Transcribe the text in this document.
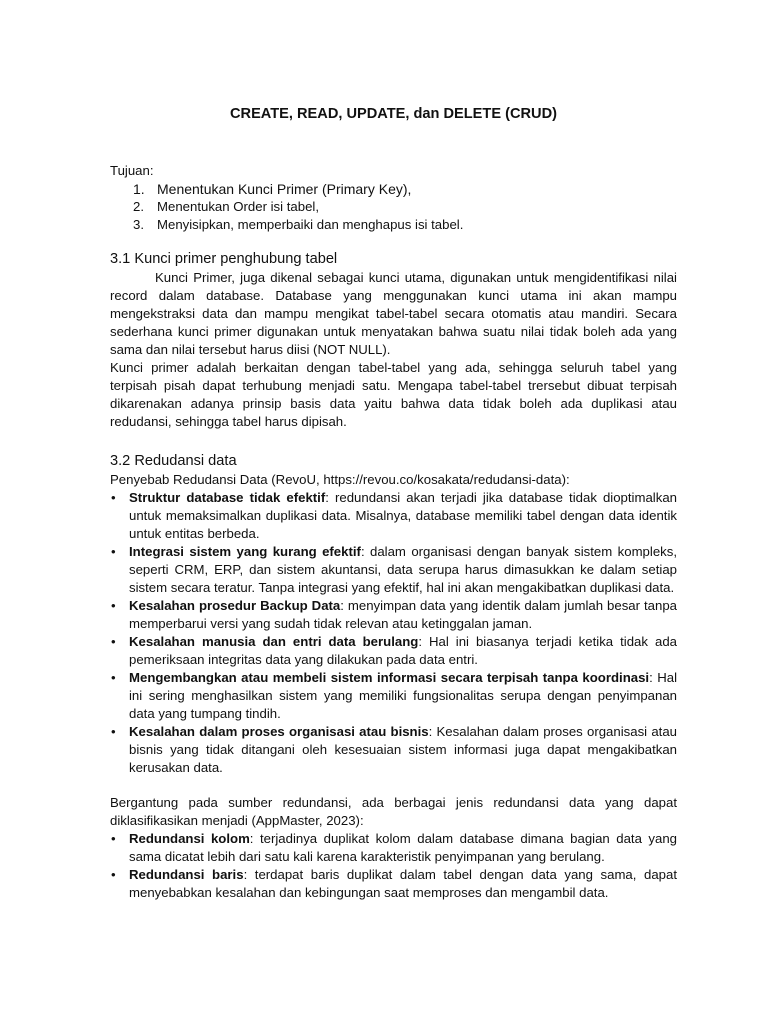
CREATE, READ, UPDATE, dan DELETE (CRUD)

Tujuan:

1. Menentukan Kunci Primer (Primary Key),
2. Menentukan Order isi tabel,
3. Menyisipkan, memperbaiki dan menghapus isi tabel.
3.1 Kunci primer penghubung tabel

Kunci Primer, juga dikenal sebagai kunci utama, digunakan untuk mengidentifikasi nilai record dalam database. Database yang menggunakan kunci utama ini akan mampu mengekstraksi data dan mampu mengikat tabel-tabel secara otomatis atau mandiri. Secara sederhana kunci primer digunakan untuk menyatakan bahwa suatu nilai tidak boleh ada yang sama dan nilai tersebut harus diisi (NOT NULL).

Kunci primer adalah berkaitan dengan tabel-tabel yang ada, sehingga seluruh tabel yang terpisah pisah dapat terhubung menjadi satu. Mengapa tabel-tabel trersebut dibuat terpisah dikarenakan adanya prinsip basis data yaitu bahwa data tidak boleh ada duplikasi atau redudansi, sehingga tabel harus dipisah.

3.2 Redudansi data

Penyebab Redudansi Data (RevoU, https://revou.co/kosakata/redudansi-data):

• Struktur database tidak efektif: redundansi akan terjadi jika database tidak dioptimalkan untuk memaksimalkan duplikasi data. Misalnya, database memiliki tabel dengan data identik untuk entitas berbeda.
• Integrasi sistem yang kurang efektif: dalam organisasi dengan banyak sistem kompleks, seperti CRM, ERP, dan sistem akuntansi, data serupa harus dimasukkan ke dalam setiap sistem secara teratur. Tanpa integrasi yang efektif, hal ini akan mengakibatkan duplikasi data.
• Kesalahan prosedur Backup Data: menyimpan data yang identik dalam jumlah besar tanpa memperbarui versi yang sudah tidak relevan atau ketinggalan jaman.
• Kesalahan manusia dan entri data berulang: Hal ini biasanya terjadi ketika tidak ada pemeriksaan integritas data yang dilakukan pada data entri.
• Mengembangkan atau membeli sistem informasi secara terpisah tanpa koordinasi: Hal ini sering menghasilkan sistem yang memiliki fungsionalitas serupa dengan penyimpanan data yang tumpang tindih.
• Kesalahan dalam proses organisasi atau bisnis: Kesalahan dalam proses organisasi atau bisnis yang tidak ditangani oleh kesesuaian sistem informasi juga dapat mengakibatkan kerusakan data.

Bergantung pada sumber redundansi, ada berbagai jenis redundansi data yang dapat diklasifikasikan menjadi (AppMaster, 2023):

• Redundansi kolom: terjadinya duplikat kolom dalam database dimana bagian data yang sama dicatat lebih dari satu kali karena karakteristik penyimpanan yang berulang.
• Redundansi baris: terdapat baris duplikat dalam tabel dengan data yang sama, dapat menyebabkan kesalahan dan kebingungan saat memproses dan mengambil data.
